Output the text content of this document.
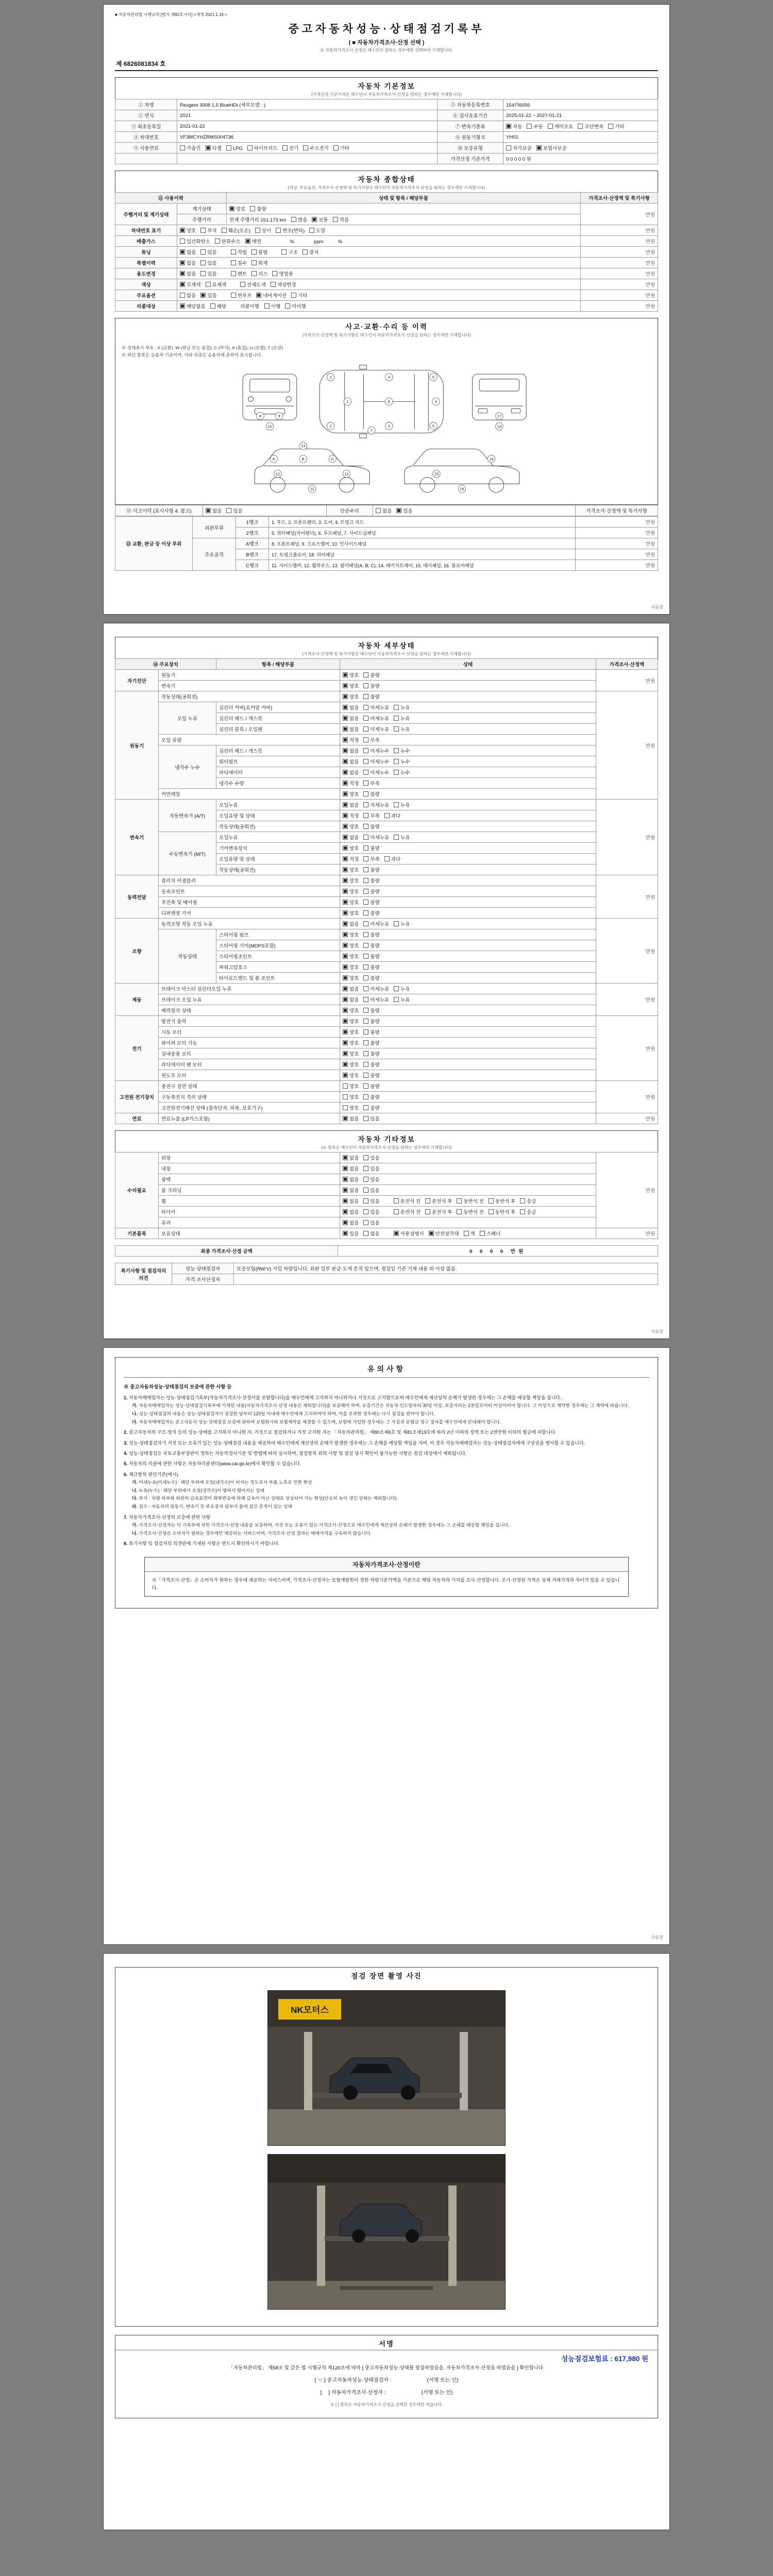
■ 자동차관리법 시행규칙 [별지 제82호서식] <개정 2021.1.19.>
중고자동차성능·상태점검기록부
( ■ 자동차가격조사·산정 선택 )
※ 자동차가격조사·산정은 매수인이 원하는 경우에만 선택하여 기재합니다.
제 6826081834 호
자동차 기본정보
(가격산정 기준가격은 매수인이 자동차가격조사·산정을 원하는 경우에만 기재합니다)
① 차명	Peugeot 3008 1.5 BlueHDi (세부모델 : )	⑤ 자동차등록번호	154러6056
② 연식	2021	⑥ 검사유효기간	2025-01-22 ~ 2027-01-21
③ 최초등록일	2021-01-22	⑦ 변속기종류	자동 수동 세미오토 무단변속 기타
④ 차대번호	VF3MCYHZRMS004736	⑧ 원동기형식	YH01
⑨ 사용연료	가솔린 디젤 LPG 하이브리드 전기 수소전기 기타	⑩ 보증유형	자가보증 보험사보증
		가격산정 기준가격	0 0 0 0 0 원
자동차 종합상태
(색상, 주요옵션, 가격조사·산정액 및 특기사항은 매수인이 자동차가격조사·산정을 원하는 경우에만 기재합니다)
⑪ 사용이력		상태 및 항목 / 해당부품	가격조사·산정액 및 특기사항
주행거리 및 계기상태	계기상태	양호 불량	만원
	주행거리	현재 주행거리 151,173 km 많음 보통 적음	
차대번호 표기	양호 부식 훼손(오손) 상이 변조(변타) 도말		만원
배출가스	일산화탄소 탄화수소 매연 　　　%　　　　ppm　　　%		만원
튜닝	없음 있음 적법 불법 구조 장치		만원
특별이력	없음 있음 침수 화재		만원
용도변경	없음 있음 렌트 리스 영업용		만원
색상	무채색 유채색 전체도색 색상변경		만원
주요옵션	없음 있음 썬루프 네비게이션 기타		만원
리콜대상	해당없음 해당 리콜이행 이행 미이행		만원
사고·교환·수리 등 이력
(가격조사·산정액 및 특기사항은 매수인이 자동차가격조사·산정을 원하는 경우에만 기재합니다)
※ 상태표시 부호 : X (교환), W (판금 또는 용접), C (부식), A (흠집), U (요철), T (손상)
※ 하단 항목은 승용차 기준이며, 기타 차종은 승용차에 준하여 표시합니다.
2
1
3
6
5
4
2	3	5
7
8	9
10
17
18
A
13
B	C
12	12
11
15
14
16
⑫ 사고이력 (표시사항 4. 참고)	없음 있음	단순수리	없음 있음	가격조사·산정액 및 특기사항
⑬ 교환, 판금 등 이상 부위	외판부위	1랭크	1. 후드, 2. 프론트펜더, 3. 도어, 4. 트렁크 리드	만원
		2랭크	5. 쿼터패널(리어펜더), 6. 루프패널, 7. 사이드실패널	만원
	주요골격	A랭크	8. 프론트패널, 9. 크로스멤버, 10. 인사이드패널	만원
		B랭크	17. 트렁크플로어, 18. 리어패널	만원
		C랭크	11. 사이드멤버, 12. 휠하우스, 13. 필러패널(A, B, C), 14. 패키지트레이, 15. 대시패널, 16. 플로어패널	만원
다음장
자동차 세부상태
(가격조사·산정액 및 특기사항은 매수인이 자동차가격조사·산정을 원하는 경우에만 기재합니다)
⑭ 주요장치		항목 / 해당부품	상태	가격조사·산정액
자기진단	원동기		양호 불량	만원
	변속기		양호 불량	
원동기	작동상태(공회전)		양호 불량	만원
	오일 누유	실린더 커버(로커암 커버)	없음 미세누유 누유	
		실린더 헤드 / 개스킷	없음 미세누유 누유	
		실린더 블록 / 오일팬	없음 미세누유 누유	
	오일 유량		적정 부족	
	냉각수 누수	실린더 헤드 / 개스킷	없음 미세누수 누수	
		워터펌프	없음 미세누수 누수	
		라디에이터	없음 미세누수 누수	
		냉각수 수량	적정 부족	
	커먼레일		양호 불량	
변속기	자동변속기 (A/T)	오일누유	없음 미세누유 누유	만원
		오일유량 및 상태	적정 부족 과다	
		작동상태(공회전)	양호 불량	
	수동변속기 (M/T)	오일누유	없음 미세누유 누유	
		기어변속장치	양호 불량	
		오일유량 및 상태	적정 부족 과다	
		작동상태(공회전)	양호 불량	
동력전달	클러치 어셈블리		양호 불량	만원
	등속조인트		양호 불량	
	추진축 및 베어링		양호 불량	
	디퍼렌셜 기어		양호 불량	
조향	동력조향 작동 오일 누유		없음 미세누유 누유	만원
	작동상태	스티어링 펌프	양호 불량	
		스티어링 기어(MDPS포함)	양호 불량	
		스티어링조인트	양호 불량	
		파워고압호스	양호 불량	
		타이로드엔드 및 볼 조인트	양호 불량	
제동	브레이크 마스터 실린더오일 누유		없음 미세누유 누유	만원
	브레이크 오일 누유		없음 미세누유 누유	
	배력장치 상태		양호 불량	
전기	발전기 출력		양호 불량	만원
	시동 모터		양호 불량	
	와이퍼 모터 기능		양호 불량	
	실내송풍 모터		양호 불량	
	라디에이터 팬 모터		양호 불량	
	윈도우 모터		양호 불량	
고전원 전기장치	충전구 절연 상태		양호 불량	만원
	구동축전지 격리 상태		양호 불량	
	고전원전기배선 상태 (접속단자, 피복, 보호기구)		양호 불량	
연료	연료누출 (LP가스포함)		없음 있음	만원
자동차 기타정보
(※ 항목은 매수인이 자동차가격조사·산정을 원하는 경우에만 기재합니다)
수리필요	외장	없음 있음	만원
	내장	없음 있음	
	광택	없음 있음	
	룸 크리닝	없음 있음	
	휠	없음 있음 운전석 전 운전석 후 동반석 전 동반석 후 응급	
	타이어	없음 있음 운전석 전 운전석 후 동반석 전 동반석 후 응급	
	유리	없음 있음	
기본품목	보유상태	있음 없음 사용설명서 안전삼각대 잭 스패너	만원
최종 가격조사·산정 금액	0 0 0 0 만원
특기사항 및 점검자의 의견	성능·상태점검자	보증보험(RW:V) 가입 차량입니다. 외판 일부 판금·도색 흔적 있으며, 점검일 기준 기재 내용 외 이상 없음.
	가격·조사산정자	
다음장
유의사항
※ 중고자동차성능·상태점검의 보증에 관한 사항 등
1. 자동차매매업자는 성능·상태점검기록부(자동차가격조사·산정서를 포함합니다)를 매수인에게 고지하지 아니하거나 거짓으로 고지함으로써 매수인에게 재산상의 손해가 발생한 경우에는 그 손해를 배상할 책임을 집니다.
가. 자동차매매업자는 성능·상태점검기록부에 기재된 내용(자동차가격조사·산정 내용은 제외합니다)을 보증해야 하며, 보증기간은 자동차 인도일부터 30일 이상, 보증거리는 2천킬로미터 이상이어야 합니다. 그 이상으로 계약한 경우에는 그 계약에 따릅니다.
나. 성능·상태점검의 내용은 성능·상태점검자가 점검한 날부터 120일 이내에 매수인에게 고지하여야 하며, 이를 초과한 경우에는 다시 점검을 받아야 합니다.
다. 자동차매매업자는 중고자동차 성능·상태점검 보증에 관하여 보험회사와 보험계약을 체결할 수 있으며, 보험에 가입한 경우에는 그 사실과 보험금 청구 절차를 매수인에게 안내해야 합니다.
2. 중고자동차의 구조·장치 등의 성능·상태를 고지하지 아니한 자, 거짓으로 점검하거나 거짓 고지한 자는 「자동차관리법」 제80조제6호 및 제81조제19호에 따라 2년 이하의 징역 또는 2천만원 이하의 벌금에 처합니다.
3. 성능·상태점검자가 거짓 또는 오류가 있는 성능·상태점검 내용을 제공하여 매수인에게 재산상의 손해가 발생한 경우에는 그 손해를 배상할 책임을 지며, 이 경우 자동차매매업자는 성능·상태점검자에게 구상권을 행사할 수 있습니다.
4. 성능·상태점검은 국토교통부장관이 정하는 자동차검사기준 및 방법에 따라 실시하며, 점검항목 외의 사항 및 점검 당시 확인이 불가능한 사항은 점검 대상에서 제외됩니다.
5. 자동차의 리콜에 관한 사항은 자동차리콜센터(www.car.go.kr)에서 확인할 수 있습니다.
6. 체크항목 판단기준(예시)
가. 미세누유(미세누수) : 해당 부위에 오일(냉각수)이 비치는 정도로서 부품 노후로 인한 현상
나. 누유(누수) : 해당 부위에서 오일(냉각수)이 맺혀서 떨어지는 상태
다. 부식 : 차량 하부와 외판의 금속표면이 화학반응에 의해 금속이 아닌 상태로 상실되어 가는 현상(단순히 녹이 생긴 상태는 제외합니다)
라. 침수 : 자동차의 원동기, 변속기 등 주요장치 일부가 물에 잠긴 흔적이 있는 상태
7. 자동차가격조사·산정의 보증에 관한 사항
가. 가격조사·산정자는 이 기록부에 적힌 가격조사·산정 내용을 보증하며, 거짓 또는 오류가 있는 가격조사·산정으로 매수인에게 재산상의 손해가 발생한 경우에는 그 손해를 배상할 책임을 집니다.
나. 가격조사·산정은 소비자가 원하는 경우에만 제공되는 서비스이며, 가격조사·산정 결과는 매매가격을 구속하지 않습니다.
8. 특기사항 및 점검자의 의견란에 기재된 사항은 반드시 확인하시기 바랍니다.
자동차가격조사·산정이란
※「가격조사·산정」은 소비자가 원하는 경우에 제공하는 서비스이며, 가격조사·산정자는 보험개발원이 정한 차량기준가액을 기준으로 해당 자동차의 가치를 조사·산정합니다. 조사·산정된 가격은 실제 거래가격과 차이가 있을 수 있습니다.
다음장
점검 장면 촬영 사진
NK모터스
서명
성능점검보험료 : 617,980 원
「자동차관리법」 제58조 및 같은 법 시행규칙 제120조에 따라 [ 중고자동차성능·상태를 점검하였음을, 자동차가격조사·산정을 하였음을 ] 확인합니다.
[ ∨ ] 중고자동차성능·상태점검자 :                         (서명 또는 인)
[　 ] 자동차가격조사·산정자 :                         (서명 또는 인)
※ [ ] 항목은 자동차가격조사·산정을 선택한 경우에만 적습니다.
